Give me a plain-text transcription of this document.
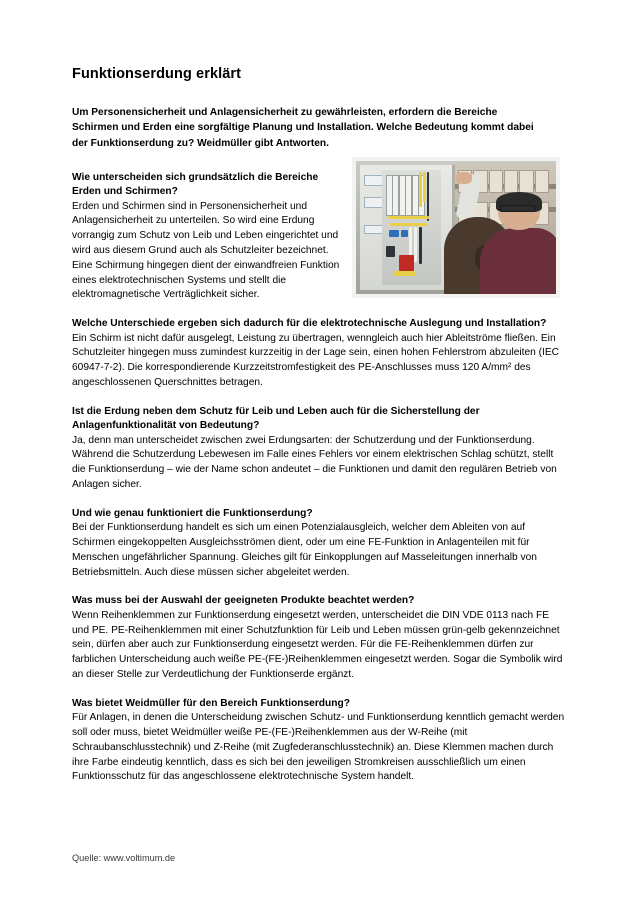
Funktionserdung erklärt

Um Personensicherheit und Anlagensicherheit zu gewährleisten, erfordern die Bereiche Schirmen und Erden eine sorgfältige Planung und Installation. Welche Bedeutung kommt dabei der Funktionserdung zu? Weidmüller gibt Antworten.

Wie unterscheiden sich grundsätzlich die Bereiche Erden und Schirmen?

Erden und Schirmen sind in Personensicherheit und Anlagensicherheit zu unterteilen. So wird eine Erdung vorrangig zum Schutz von Leib und Leben eingerichtet und wird aus diesem Grund auch als Schutzleiter bezeichnet. Eine Schirmung hingegen dient der einwandfreien Funktion eines elektrotechnischen Systems und stellt die elektromagnetische Verträglichkeit sicher.

Welche Unterschiede ergeben sich dadurch für die elektrotechnische Auslegung und Installation?

Ein Schirm ist nicht dafür ausgelegt, Leistung zu übertragen, wenngleich auch hier Ableitströme fließen. Ein Schutzleiter hingegen muss zumindest kurzzeitig in der Lage sein, einen hohen Fehlerstrom abzuleiten (IEC 60947-7-2). Die korrespondierende Kurzzeitstromfestigkeit des PE-Anschlusses muss 120 A/mm² des angeschlossenen Querschnittes betragen.

Ist die Erdung neben dem Schutz für Leib und Leben auch für die Sicherstellung der Anlagenfunktionalität von Bedeutung?

Ja, denn man unterscheidet zwischen zwei Erdungsarten: der Schutzerdung und der Funktionserdung. Während die Schutzerdung Lebewesen im Falle eines Fehlers vor einem elektrischen Schlag schützt, stellt die Funktionserdung – wie der Name schon andeutet – die Funktionen und damit den regulären Betrieb von Anlagen sicher.

Und wie genau funktioniert die Funktionserdung?

Bei der Funktionserdung handelt es sich um einen Potenzialausgleich, welcher dem Ableiten von auf Schirmen eingekoppelten Ausgleichsströmen dient, oder um eine FE-Funktion in Anlagenteilen mit für Menschen ungefährlicher Spannung. Gleiches gilt für Einkopplungen auf Masseleitungen innerhalb von Betriebsmitteln. Auch diese müssen sicher abgeleitet werden.

Was muss bei der Auswahl der geeigneten Produkte beachtet werden?

Wenn Reihenklemmen zur Funktionserdung eingesetzt werden, unterscheidet die DIN VDE 0113 nach FE und PE. PE-Reihenklemmen mit einer Schutzfunktion für Leib und Leben müssen grün-gelb gekennzeichnet sein, dürfen aber auch zur Funktionserdung eingesetzt werden. Für die FE-Reihenklemmen dürfen zur farblichen Unterscheidung auch weiße PE-(FE-)Reihenklemmen eingesetzt werden. Sogar die Symbolik wird an dieser Stelle zur Verdeutlichung der Funktionserde ergänzt.

Was bietet Weidmüller für den Bereich Funktionserdung?

Für Anlagen, in denen die Unterscheidung zwischen Schutz- und Funktionserdung kenntlich gemacht werden soll oder muss, bietet Weidmüller weiße PE-(FE-)Reihenklemmen aus der W-Reihe (mit Schraubanschlusstechnik) und Z-Reihe (mit Zugfederanschlusstechnik) an. Diese Klemmen machen durch ihre Farbe eindeutig kenntlich, dass es sich bei den jeweiligen Stromkreisen ausschließlich um einen Funktionsschutz für das angeschlossene elektrotechnische System handelt.

Quelle: www.voltimum.de
